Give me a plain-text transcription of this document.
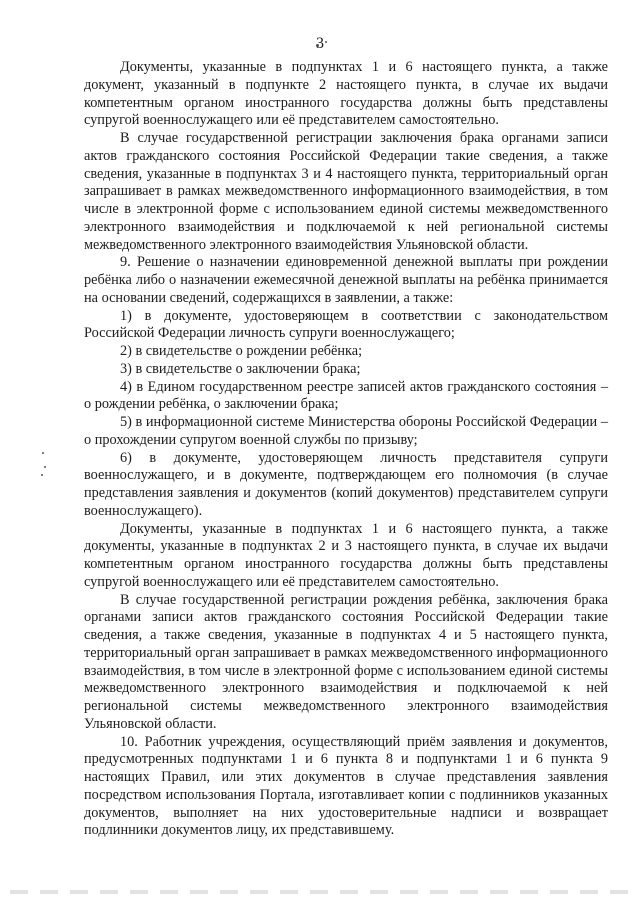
3

Документы, указанные в подпунктах 1 и 6 настоящего пункта, а также документ, указанный в подпункте 2 настоящего пункта, в случае их выдачи компетентным органом иностранного государства должны быть представлены супругой военнослужащего или её представителем самостоятельно.

В случае государственной регистрации заключения брака органами записи актов гражданского состояния Российской Федерации такие сведения, а также сведения, указанные в подпунктах 3 и 4 настоящего пункта, территориальный орган запрашивает в рамках межведомственного информационного взаимодействия, в том числе в электронной форме с использованием единой системы межведомственного электронного взаимодействия и подключаемой к ней региональной системы межведомственного электронного взаимодействия Ульяновской области.

9. Решение о назначении единовременной денежной выплаты при рождении ребёнка либо о назначении ежемесячной денежной выплаты на ребёнка принимается на основании сведений, содержащихся в заявлении, а также:

1) в документе, удостоверяющем в соответствии с законодательством Российской Федерации личность супруги военнослужащего;

2) в свидетельстве о рождении ребёнка;

3) в свидетельстве о заключении брака;

4) в Едином государственном реестре записей актов гражданского состояния – о рождении ребёнка, о заключении брака;

5) в информационной системе Министерства обороны Российской Федерации – о прохождении супругом военной службы по призыву;

6) в документе, удостоверяющем личность представителя супруги военнослужащего, и в документе, подтверждающем его полномочия (в случае представления заявления и документов (копий документов) представителем супруги военнослужащего).

Документы, указанные в подпунктах 1 и 6 настоящего пункта, а также документы, указанные в подпунктах 2 и 3 настоящего пункта, в случае их выдачи компетентным органом иностранного государства должны быть представлены супругой военнослужащего или её представителем самостоятельно.

В случае государственной регистрации рождения ребёнка, заключения брака органами записи актов гражданского состояния Российской Федерации такие сведения, а также сведения, указанные в подпунктах 4 и 5 настоящего пункта, территориальный орган запрашивает в рамках межведомственного информационного взаимодействия, в том числе в электронной форме с использованием единой системы межведомственного электронного взаимодействия и подключаемой к ней региональной системы межведомственного электронного взаимодействия Ульяновской области.

10. Работник учреждения, осуществляющий приём заявления и документов, предусмотренных подпунктами 1 и 6 пункта 8 и подпунктами 1 и 6 пункта 9 настоящих Правил, или этих документов в случае представления заявления посредством использования Портала, изготавливает копии с подлинников указанных документов, выполняет на них удостоверительные надписи и возвращает подлинники документов лицу, их представившему.
